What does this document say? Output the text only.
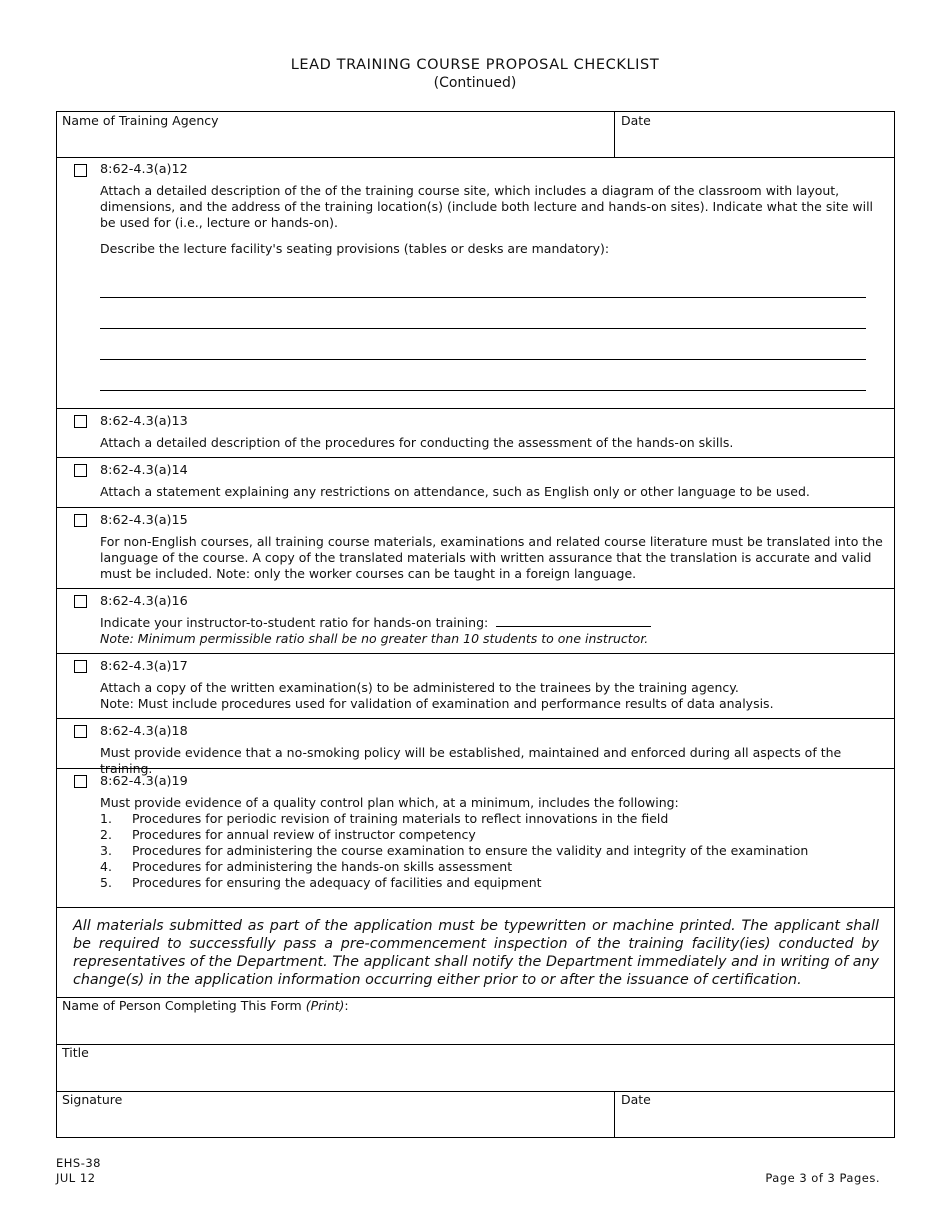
LEAD TRAINING COURSE PROPOSAL CHECKLIST
(Continued)
Name of Training Agency	Date
8:62-4.3(a)12
Attach a detailed description of the of the training course site, which includes a diagram of the classroom with layout, dimensions, and the address of the training location(s) (include both lecture and hands-on sites). Indicate what the site will be used for (i.e., lecture or hands-on).
Describe the lecture facility's seating provisions (tables or desks are mandatory):
8:62-4.3(a)13
Attach a detailed description of the procedures for conducting the assessment of the hands-on skills.
8:62-4.3(a)14
Attach a statement explaining any restrictions on attendance, such as English only or other language to be used.
8:62-4.3(a)15
For non-English courses, all training course materials, examinations and related course literature must be translated into the language of the course. A copy of the translated materials with written assurance that the translation is accurate and valid must be included. Note: only the worker courses can be taught in a foreign language.
8:62-4.3(a)16
Indicate your instructor-to-student ratio for hands-on training:
Note: Minimum permissible ratio shall be no greater than 10 students to one instructor.
8:62-4.3(a)17
Attach a copy of the written examination(s) to be administered to the trainees by the training agency.
Note: Must include procedures used for validation of examination and performance results of data analysis.
8:62-4.3(a)18
Must provide evidence that a no-smoking policy will be established, maintained and enforced during all aspects of the training.
8:62-4.3(a)19
Must provide evidence of a quality control plan which, at a minimum, includes the following:
1. Procedures for periodic revision of training materials to reflect innovations in the field
2. Procedures for annual review of instructor competency
3. Procedures for administering the course examination to ensure the validity and integrity of the examination
4. Procedures for administering the hands-on skills assessment
5. Procedures for ensuring the adequacy of facilities and equipment
All materials submitted as part of the application must be typewritten or machine printed. The applicant shall be required to successfully pass a pre-commencement inspection of the training facility(ies) conducted by representatives of the Department. The applicant shall notify the Department immediately and in writing of any change(s) in the application information occurring either prior to or after the issuance of certification.
Name of Person Completing This Form (Print):
Title
Signature	Date
EHS-38
JUL 12	Page 3 of 3 Pages.
